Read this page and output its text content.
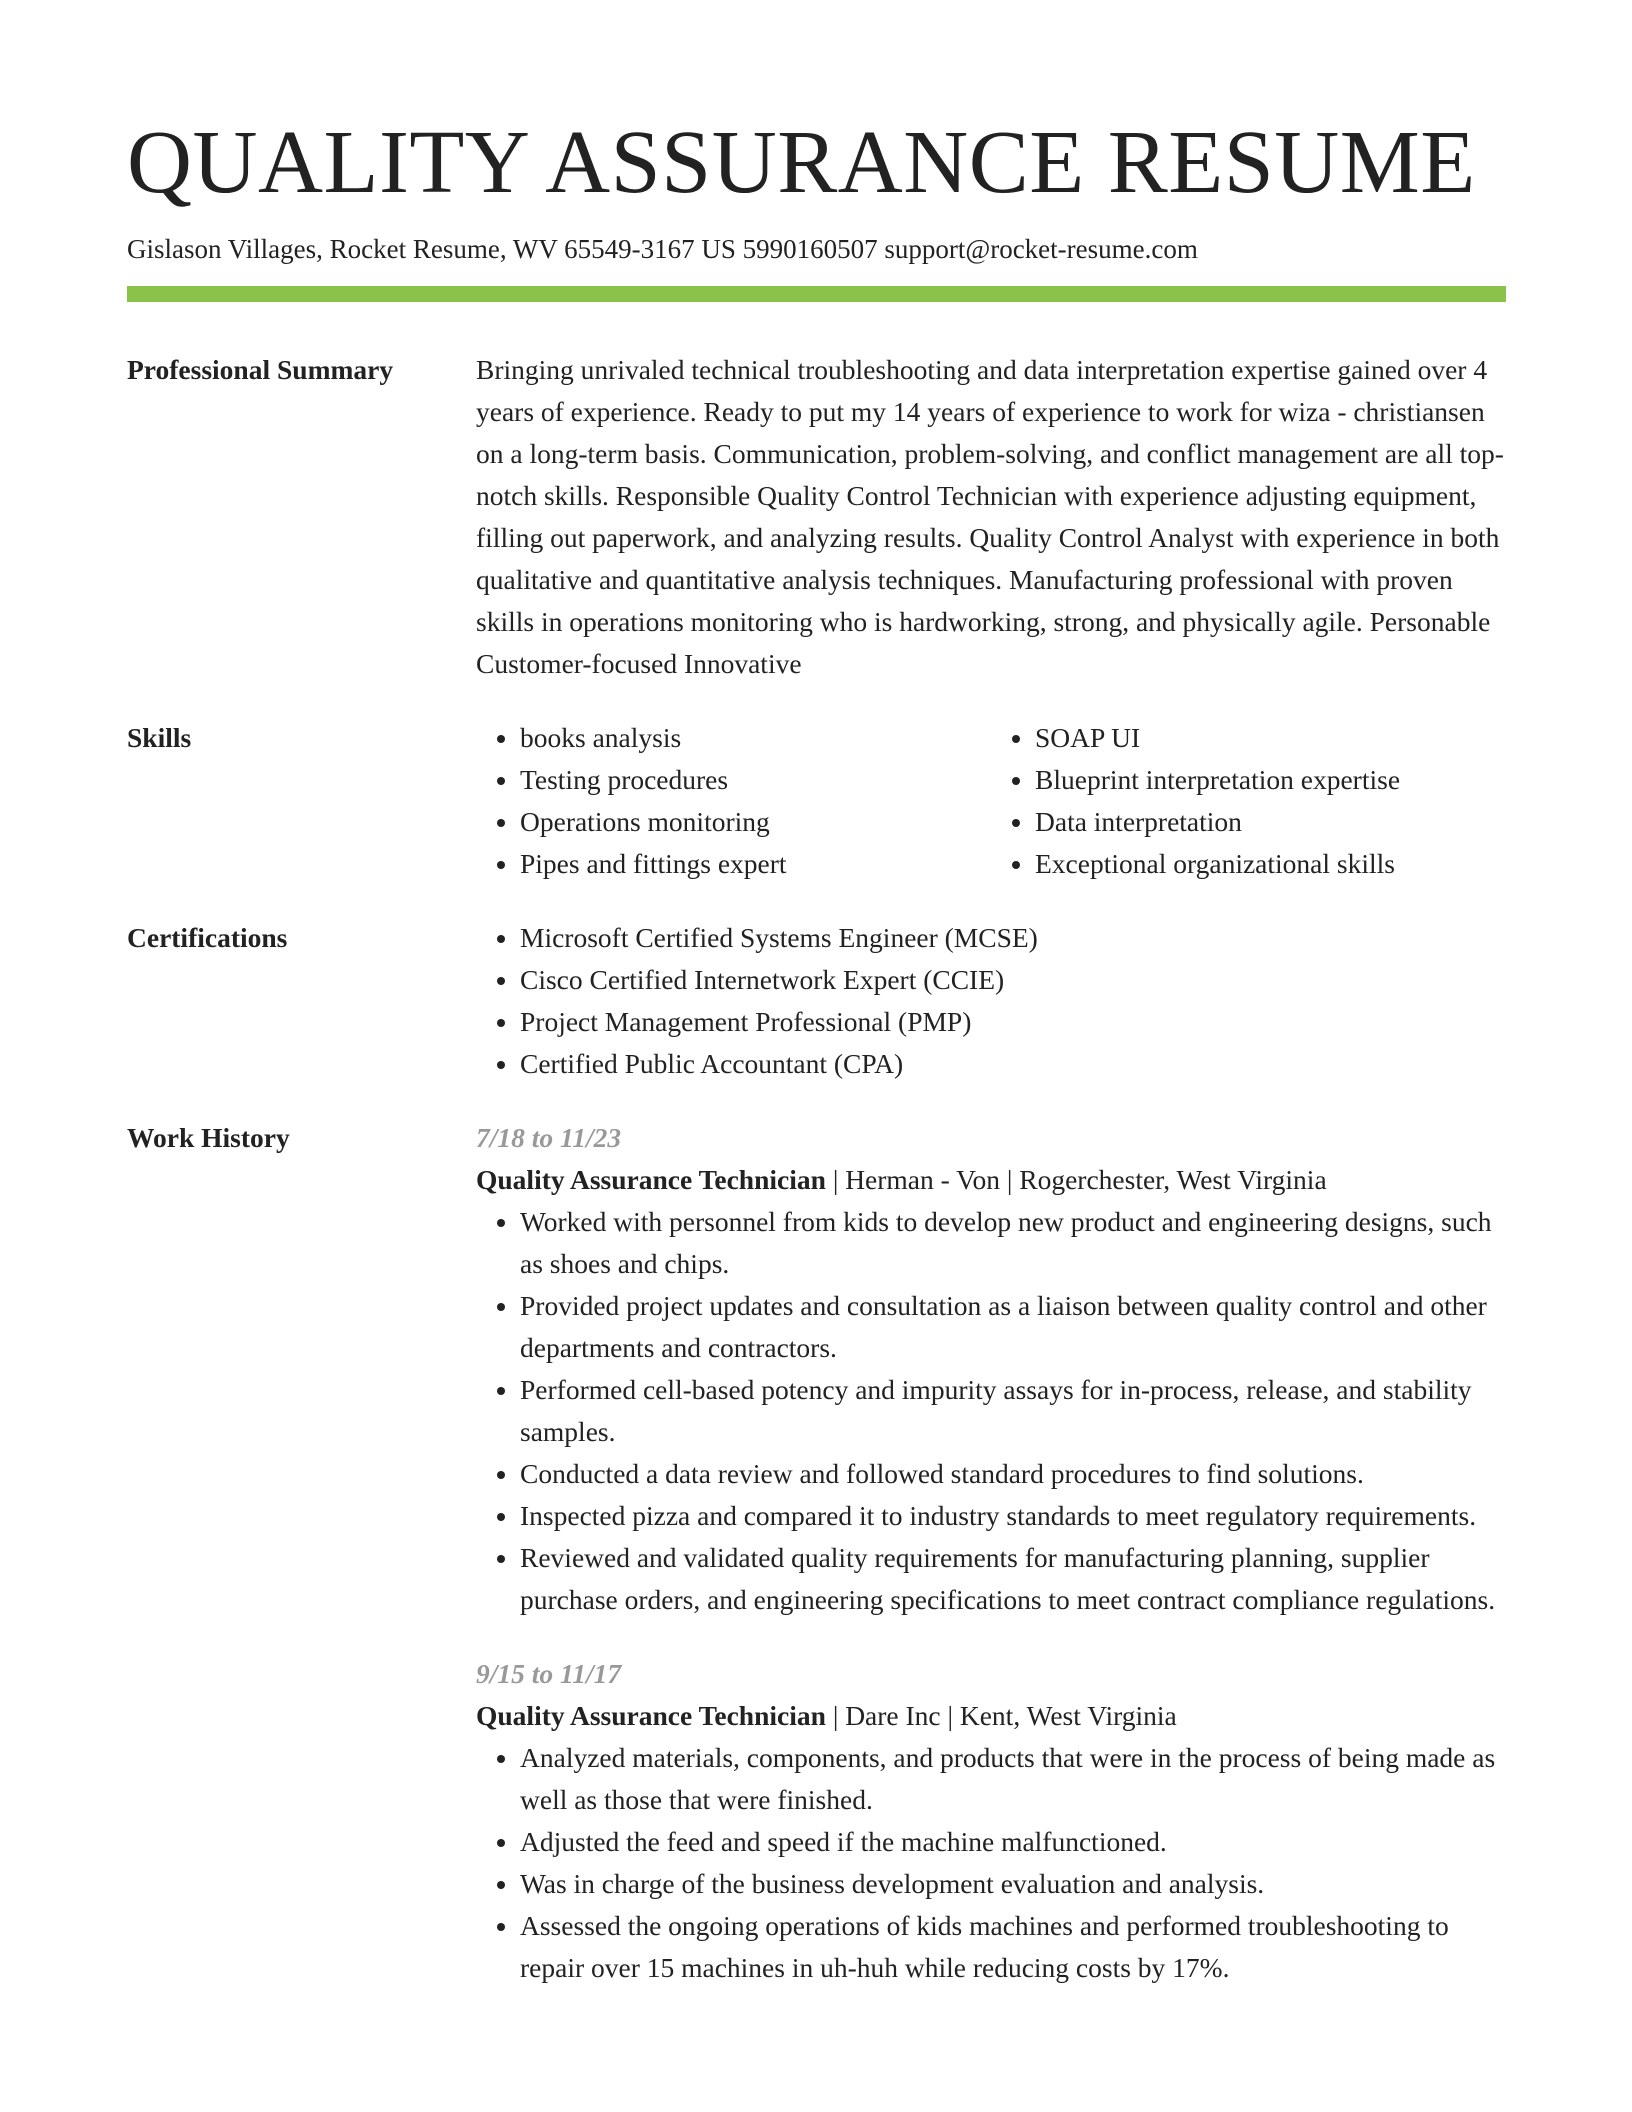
QUALITY ASSURANCE RESUME
Gislason Villages, Rocket Resume, WV 65549-3167 US 5990160507 support@rocket-resume.com
Professional Summary	Bringing unrivaled technical troubleshooting and data interpretation expertise gained over 4 years of experience. Ready to put my 14 years of experience to work for wiza - christiansen on a long-term basis. Communication, problem-solving, and conflict management are all top-notch skills. Responsible Quality Control Technician with experience adjusting equipment, filling out paperwork, and analyzing results. Quality Control Analyst with experience in both qualitative and quantitative analysis techniques. Manufacturing professional with proven skills in operations monitoring who is hardworking, strong, and physically agile. Personable Customer-focused Innovative
Skills	• books analysis
• Testing procedures
• Operations monitoring
• Pipes and fittings expert
• SOAP UI
• Blueprint interpretation expertise
• Data interpretation
• Exceptional organizational skills
Certifications	• Microsoft Certified Systems Engineer (MCSE)
• Cisco Certified Internetwork Expert (CCIE)
• Project Management Professional (PMP)
• Certified Public Accountant (CPA)
Work History	7/18 to 11/23
Quality Assurance Technician | Herman - Von | Rogerchester, West Virginia
• Worked with personnel from kids to develop new product and engineering designs, such as shoes and chips.
• Provided project updates and consultation as a liaison between quality control and other departments and contractors.
• Performed cell-based potency and impurity assays for in-process, release, and stability samples.
• Conducted a data review and followed standard procedures to find solutions.
• Inspected pizza and compared it to industry standards to meet regulatory requirements.
• Reviewed and validated quality requirements for manufacturing planning, supplier purchase orders, and engineering specifications to meet contract compliance regulations.
9/15 to 11/17
Quality Assurance Technician | Dare Inc | Kent, West Virginia
• Analyzed materials, components, and products that were in the process of being made as well as those that were finished.
• Adjusted the feed and speed if the machine malfunctioned.
• Was in charge of the business development evaluation and analysis.
• Assessed the ongoing operations of kids machines and performed troubleshooting to repair over 15 machines in uh-huh while reducing costs by 17%.
